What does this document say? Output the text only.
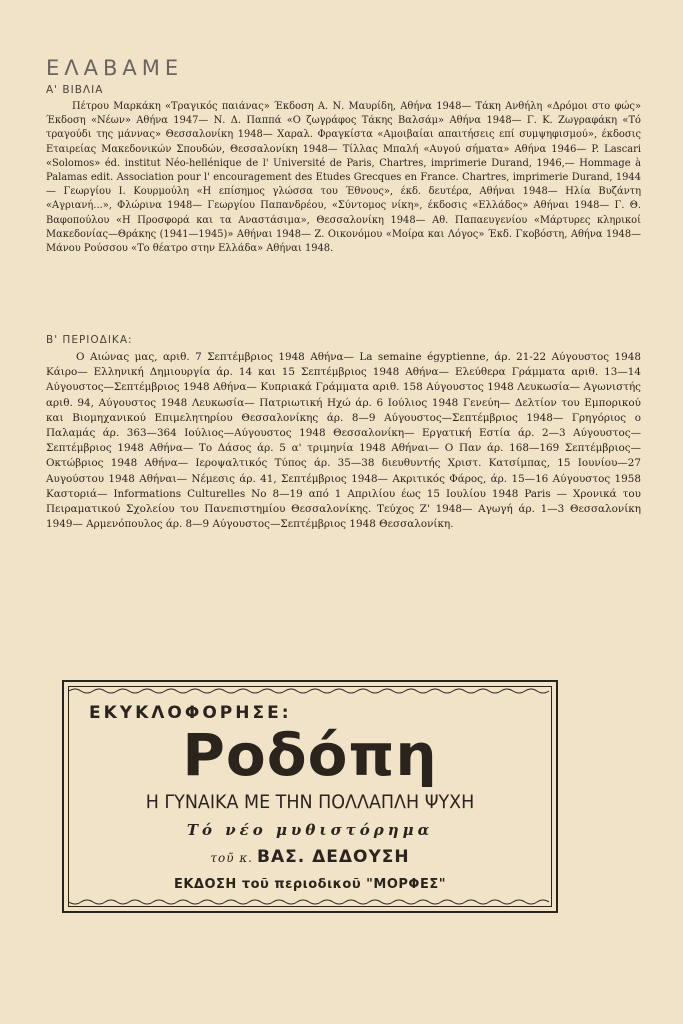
ΕΛΑΒΑΜΕ
Α' ΒΙΒΛΙΑ

Πέτρου Μαρκάκη «Τραγικός παιάνας» Έκδοση Α. Ν. Μαυρίδη, Αθήνα 1948— Τάκη Ανθήλη «Δρόμοι στο φώς» Έκδοση «Νέων» Αθήνα 1947— Ν. Δ. Παππά «Ο ζωγράφος Τάκης Βαλσάμ» Αθήνα 1948— Γ. Κ. Ζωγραφάκη «Τό τραγούδι της μάννας» Θεσσαλονίκη 1948— Χαραλ. Φραγκίστα «Αμοιβαίαι απαιτήσεις επί συμψηφισμού», έκδοσις Εταιρείας Μακεδονικών Σπουδών, Θεσσαλονίκη 1948— Τίλλας Μπαλή «Αυγού σήματα» Αθήνα 1946— P. Lascari «Solomos» éd. institut Néo-hellénique de l' Université de Paris, Chartres, imprimerie Durand, 1946,— Hommage à Palamas edit. Association pour l' encouragement des Etudes Grecques en France. Chartres, imprimerie Durand, 1944— Γεωργίου Ι. Κουρμούλη «Η επίσημος γλώσσα του Έθνους», έκδ. δευτέρα, Αθήναι 1948— Ηλία Βυζάντη «Αγριανή...», Φλώρινα 1948— Γεωργίου Παπανδρέου, «Σύντομος νίκη», έκδοσις «Ελλάδος» Αθήναι 1948— Γ. Θ. Βαφοπούλου «Η Προσφορά και τα Αναστάσιμα», Θεσσαλονίκη 1948— Αθ. Παπαευγενίου «Μάρτυρες κληρικοί Μακεδονίας—Θράκης (1941—1945)» Αθήναι 1948— Ζ. Οικονόμου «Μοίρα και Λόγος» Έκδ. Γκοβόστη, Αθήνα 1948— Μάνου Ρούσσου «Το θέατρο στην Ελλάδα» Αθήναι 1948.

Β' ΠΕΡΙΟΔΙΚΑ:

Ο Αιώνας μας, αριθ. 7 Σεπτέμβριος 1948 Αθήνα— La semaine égyptienne, άρ. 21-22 Αύγουστος 1948 Κάιρο— Ελληνική Δημιουργία άρ. 14 και 15 Σεπτέμβριος 1948 Αθήνα— Ελεύθερα Γράμματα αριθ. 13—14 Αύγουστος—Σεπτέμβριος 1948 Αθήνα— Κυπριακά Γράμματα αριθ. 158 Αύγουστος 1948 Λευκωσία— Αγωνιστής αριθ. 94, Αύγουστος 1948 Λευκωσία— Πατριωτική Ηχώ άρ. 6 Ιούλιος 1948 Γενεύη— Δελτίον του Εμπορικού και Βιομηχανικού Επιμελητηρίου Θεσσαλονίκης άρ. 8—9 Αύγουστος—Σεπτέμβριος 1948— Γρηγόριος ο Παλαμάς άρ. 363—364 Ιούλιος—Αύγουστος 1948 Θεσσαλονίκη— Εργατική Εστία άρ. 2—3 Αύγουστος—Σεπτέμβριος 1948 Αθήνα— Το Δάσος άρ. 5 α' τριμηνία 1948 Αθήναι— Ο Παν άρ. 168—169 Σεπτέμβριος—Οκτώβριος 1948 Αθήνα— Ιεροψαλτικός Τύπος άρ. 35—38 διευθυντής Χριστ. Κατσίμπας, 15 Ιουνίου—27 Αυγούστου 1948 Αθήναι— Νέμεσις άρ. 41, Σεπτέμβριος 1948— Ακριτικός Φάρος, άρ. 15—16 Αύγουστος 1958 Καστοριά— Informations Culturelles No 8—19 από 1 Απριλίου έως 15 Ιουλίου 1948 Paris — Χρονικά του Πειραματικού Σχολείου του Πανεπιστημίου Θεσσαλονίκης. Τεύχος Ζ' 1948— Αγωγή άρ. 1—3 Θεσσαλονίκη 1949— Αρμενόπουλος άρ. 8—9 Αύγουστος—Σεπτέμβριος 1948 Θεσσαλονίκη.

ΕΚΥΚΛΟΦΟΡΗΣΕ:
Ροδόπη
Η ΓΥΝΑΙΚΑ ΜΕ ΤΗΝ ΠΟΛΛΑΠΛΗ ΨΥΧΗ
Τό νέο μυθιστόρημα
τοῦ κ. ΒΑΣ. ΔΕΔΟΥΣΗ
ΕΚΔΟΣΗ τοῦ περιοδικοῦ "ΜΟΡΦΕΣ"
